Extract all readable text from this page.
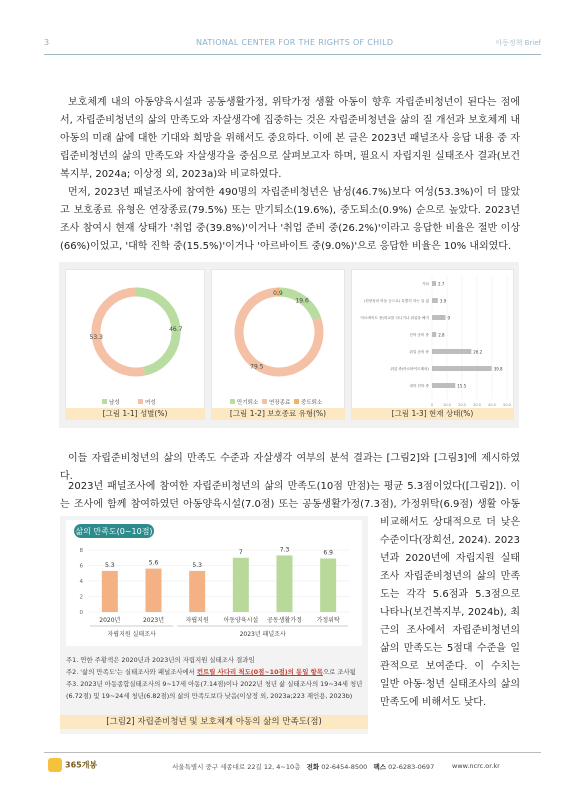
3	NATIONAL CENTER FOR THE RIGHTS OF CHILD	아동정책 Brief

보호체계 내의 아동양육시설과 공동생활가정, 위탁가정 생활 아동이 향후 자립준비청년이 된다는 점에서, 자립준비청년의 삶의 만족도와 자살생각에 집중하는 것은 자립준비청년을 삶의 질 개선과 보호체계 내 아동의 미래 삶에 대한 기대와 희망을 위해서도 중요하다. 이에 본 글은 2023년 패널조사 응답 내용 중 자립준비청년의 삶의 만족도와 자살생각을 중심으로 살펴보고자 하며, 필요시 자립지원 실태조사 결과(보건복지부, 2024a; 이상정 외, 2023a)와 비교하였다.

먼저, 2023년 패널조사에 참여한 490명의 자립준비청년은 남성(46.7%)보다 여성(53.3%)이 더 많았고 보호종료 유형은 연장종료(79.5%) 또는 만기퇴소(19.6%), 중도퇴소(0.9%) 순으로 높았다. 2023년 조사 참여시 현재 상태가 '취업 중(39.8%)'이거나 '취업 준비 중(26.2%)'이라고 응답한 비율은 절반 이상(66%)이었고, '대학 진학 중(15.5%)'이거나 '아르바이트 중(9.0%)'으로 응답한 비율은 10% 내외였다.

46.7
53.3
남성	여성
19.6
79.5
0.9
만기퇴소 연장종료 중도퇴소	0	10.0 20.0 30.0 40.0 50.0
기타 2.7
(친양성의 아동 등으로) 특별히 하는 일 없	3.9
아르바이트 중(학교를 다니거나 취업을 해지	9
진학 준비 중 2.8
취업 준비 중	26.2
취업 중(아르바이트제외)	39.8
대학 진학 중	15.5
[그림 1-1] 성별(%)	[그림 1-2] 보호종료 유형(%)	[그림 1-3] 현재 상태(%)

이들 자립준비청년의 삶의 만족도 수준과 자살생각 여부의 분석 결과는 [그림2]와 [그림3]에 제시하였다.

2023년 패널조사에 참여한 자립준비청년의 삶의 만족도(10점 만점)는 평균 5.3점이었다([그림2]). 이는 조사에 함께 참여하였던 아동양육시설(7.0점) 또는 공동생활가정(7.3점), 가정위탁(6.9점) 생활 아동

삶의 만족도(0~10점)
0
2
4
6
8
5.3
2020년
5.6
2023년
5.3
자립지원
7
아동양육시설
7.3
공동생활가정
6.9
가정위탁
자립지원 실태조사	2023년 패널조사
주1. 연한 주황색은 2020년과 2023년의 자립지원 실태조사 결과임
주2. '삶의 만족도'는 실태조사와 패널조사에서 컨트릴 사다리 척도(0점~10점)의 동일 항목으로 조사됨
주3. 2023년 아동종합실태조사의 9~17세 아동(7.14점)이나 2022년 청년 삶 실태조사의 19~34세 청년(6.72점) 및 19~24세 청년(6.82점)의 삶의 만족도보다 낮음(이상정 외, 2023a;223 재인용, 2023b)
[그림2] 자립준비청년 및 보호체계 아동의 삶의 만족도(점)

비교해서도 상대적으로 더 낮은 수준이다(장희선, 2024). 2023년과 2020년에 자립지원 실태조사 자립준비청년의 삶의 만족도는 각각 5.6점과 5.3점으로 나타나(보건복지부, 2024b), 최근의 조사에서 자립준비청년의 삶의 만족도는 5점대 수준을 일관적으로 보여준다. 이 수치는 일반 아동·청년 실태조사의 삶의 만족도에 비해서도 낮다.

365개봉	서울특별시 중구 세종대로 22길 12, 4~10층 전화 02-6454-8500 팩스 02-6283-0697	www.ncrc.or.kr
